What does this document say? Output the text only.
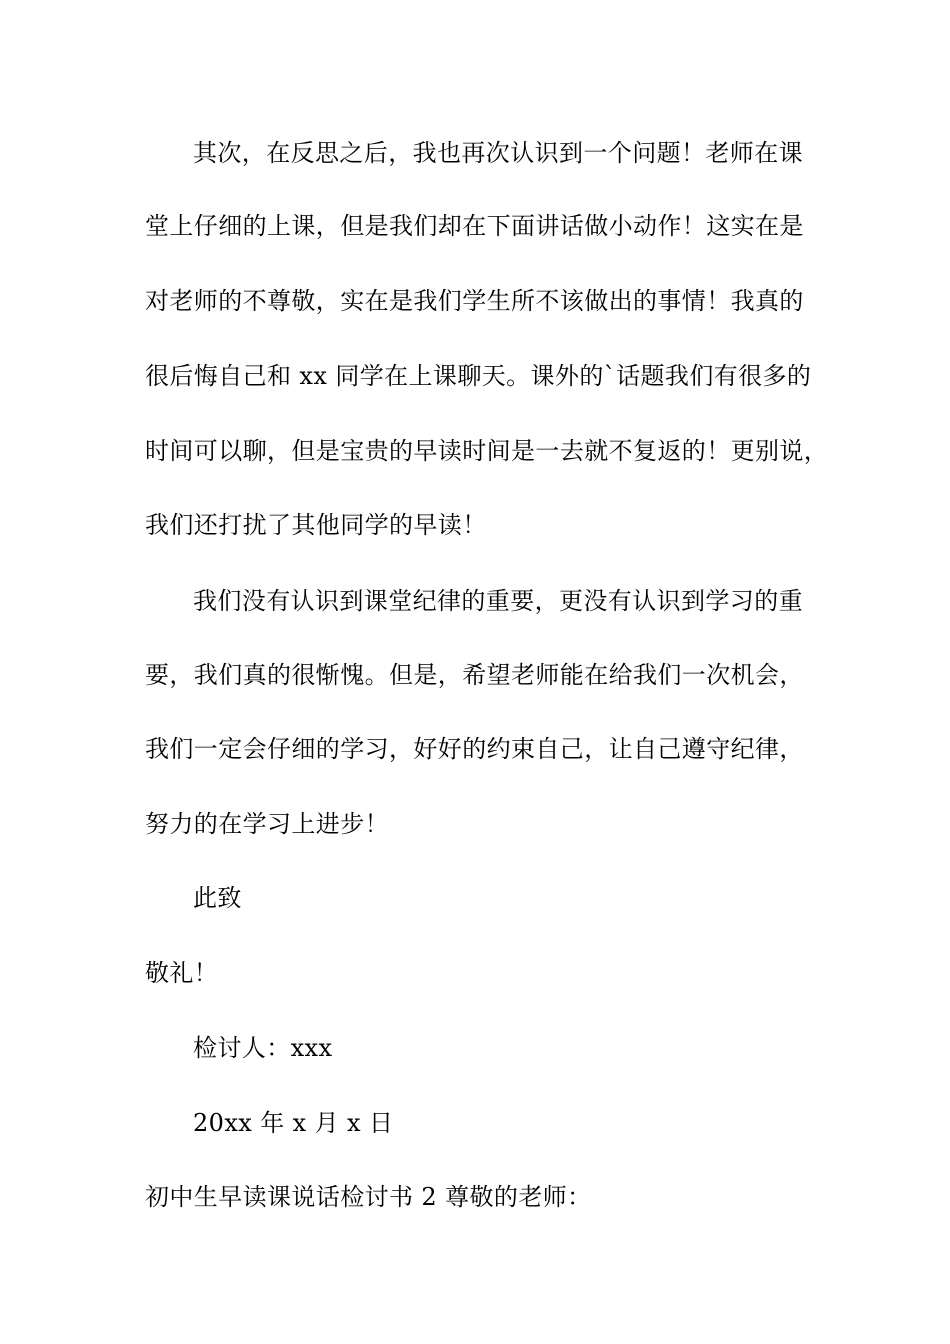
其次，在反思之后，我也再次认识到一个问题！老师在课
堂上仔细的上课，但是我们却在下面讲话做小动作！这实在是
对老师的不尊敬，实在是我们学生所不该做出的事情！我真的
很后悔自己和 xx 同学在上课聊天。课外的`话题我们有很多的
时间可以聊，但是宝贵的早读时间是一去就不复返的！更别说，
我们还打扰了其他同学的早读！
我们没有认识到课堂纪律的重要，更没有认识到学习的重
要，我们真的很惭愧。但是，希望老师能在给我们一次机会，
我们一定会仔细的学习，好好的约束自己，让自己遵守纪律，
努力的在学习上进步！
此致
敬礼！
检讨人：xxx
20xx 年 x 月 x 日
初中生早读课说话检讨书 2 尊敬的老师：
